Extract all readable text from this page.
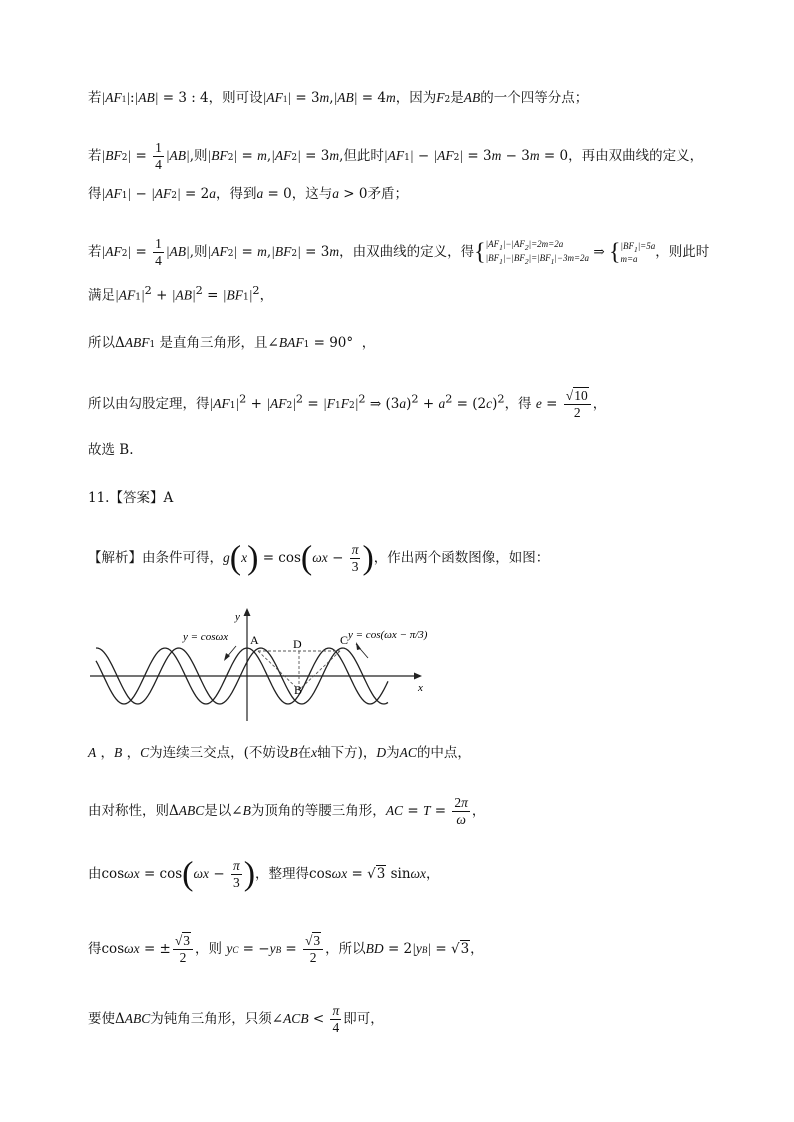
若|AF1|:|AB| = 3 : 4，则可设|AF1| = 3m,|AB| = 4m，因为F2是AB的一个四等分点；
若$|BF2| = \frac{1}{4} |AB|$,则|BF2| = m,|AF2| = 3m,但此时|AF1| − |AF2| = 3m − 3m = 0，再由双曲线的定义，
得|AF1| − |AF2| = 2a，得到a = 0，这与a > 0矛盾；
若$|AF2| = \frac{1}{4} |AB|$,则|AF2| = m,|BF2| = 3m，由双曲线的定义，得{ $|AF_1|-|AF_2|=2m=2a$
$|BF_1|-|BF_2|=|BF_1|-3m=2a$ ⇒ { $|BF_1|=5a$
m=a	，则此时
满足$|AF1|^2 + |AB|^2 = |BF1|^2$，
所以ΔABF1 是直角三角形，且∠BAF1 = 90°  ，
所以由勾股定理，得$|AF1|^2 + |AF2|^2 = |F1F2|^2$ ⇒ $(3a)^2 + a^2 = (2c)^2$，得 $e = \frac{√10}{2}$ ，
故选 B.
11.【答案】A
【解析】由条件可得，$g(x) = \cos(\omega x - \frac{\pi}{3}$ )，作出两个函数图像，如图：
x
y
A	D	C
B
y = cosωx	y = cos(ωx − π/3)
A ，B ，C为连续三交点，(不妨设B在x轴下方)，D为AC的中点，
由对称性，则ΔABC是以∠B为顶角的等腰三角形，AC = $T = \frac{2\pi}{\omega}$ ，
由$\cos\omega x = \cos(\omega x - \frac{\pi}{3}$ )，整理得cosωx = √3 sinωx，
得cosωx = ± $\frac{√3}{2}$ ，则 yC = $-yB = \frac{√3}{2}$ ，所以BD = 2|yB| = √3，
要使ΔABC为钝角三角形，只须∠ACB < $\frac{\pi}{4}$ 即可，
